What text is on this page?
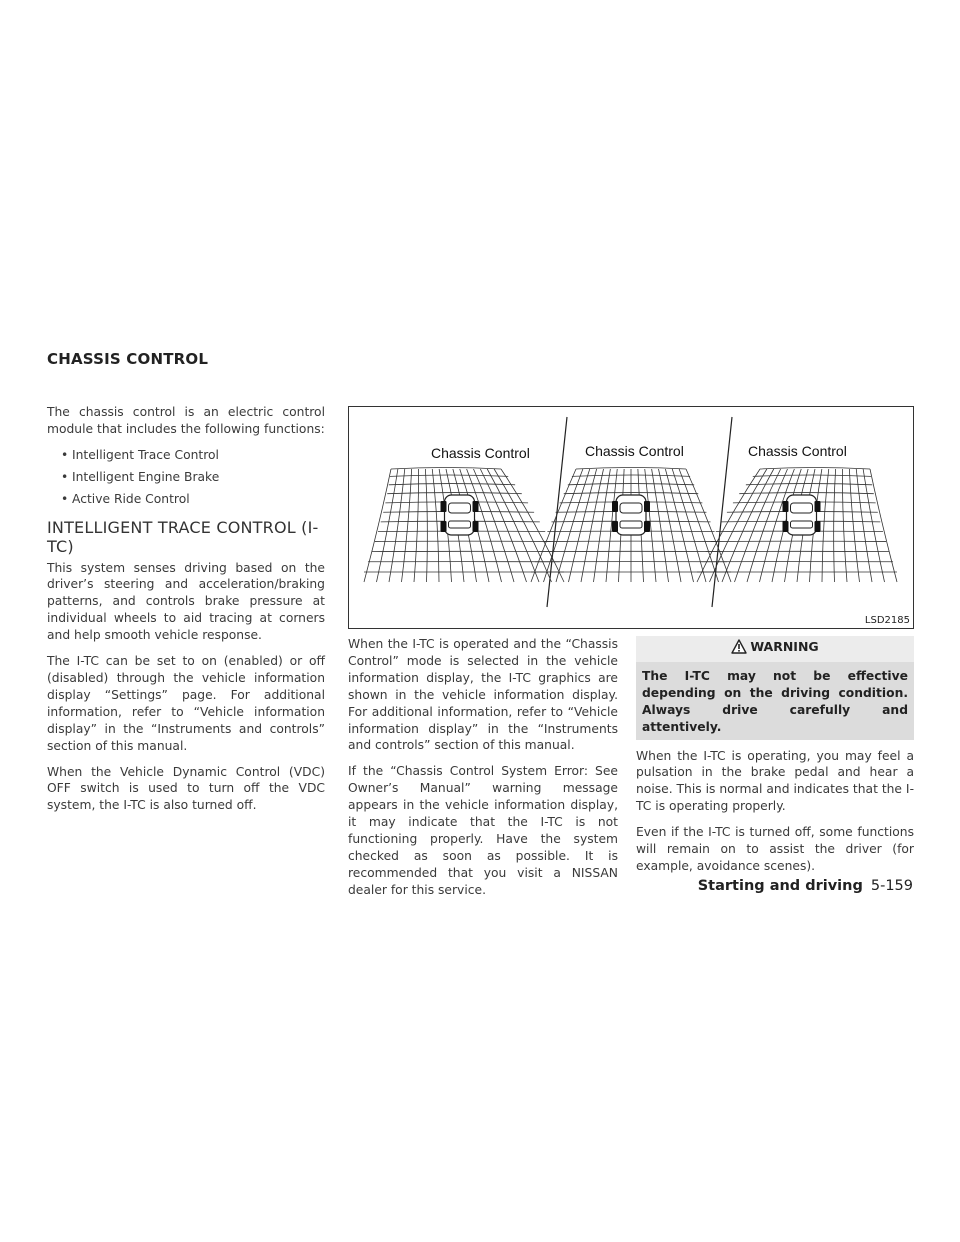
CHASSIS CONTROL

The chassis control is an electric control module that includes the following functions:

• Intelligent Trace Control
• Intelligent Engine Brake
• Active Ride Control
INTELLIGENT TRACE CONTROL (I-TC)

This system senses driving based on the driver’s steering and acceleration/braking patterns, and controls brake pressure at individual wheels to aid tracing at corners and help smooth vehicle response.

The I-TC can be set to on (enabled) or off (disabled) through the vehicle information display “Settings” page. For additional information, refer to “Vehicle information display” in the “Instruments and controls” section of this manual.

When the Vehicle Dynamic Control (VDC) OFF switch is used to turn off the VDC system, the I-TC is also turned off.

Chassis Control	Chassis Control	Chassis Control
LSD2185

When the I-TC is operated and the “Chassis Control” mode is selected in the vehicle information display, the I-TC graphics are shown in the vehicle information display. For additional information, refer to “Vehicle information display” in the “Instruments and controls” section of this manual.

If the “Chassis Control System Error: See Owner’s Manual” warning message appears in the vehicle information display, it may indicate that the I-TC is not functioning properly. Have the system checked as soon as possible. It is recommended that you visit a NISSAN dealer for this service.

WARNING
The I-TC may not be effective depending on the driving condition. Always drive carefully and attentively.

When the I-TC is operating, you may feel a pulsation in the brake pedal and hear a noise. This is normal and indicates that the I-TC is operating properly.

Even if the I-TC is turned off, some functions will remain on to assist the driver (for example, avoidance scenes).

Starting and driving 5-159
